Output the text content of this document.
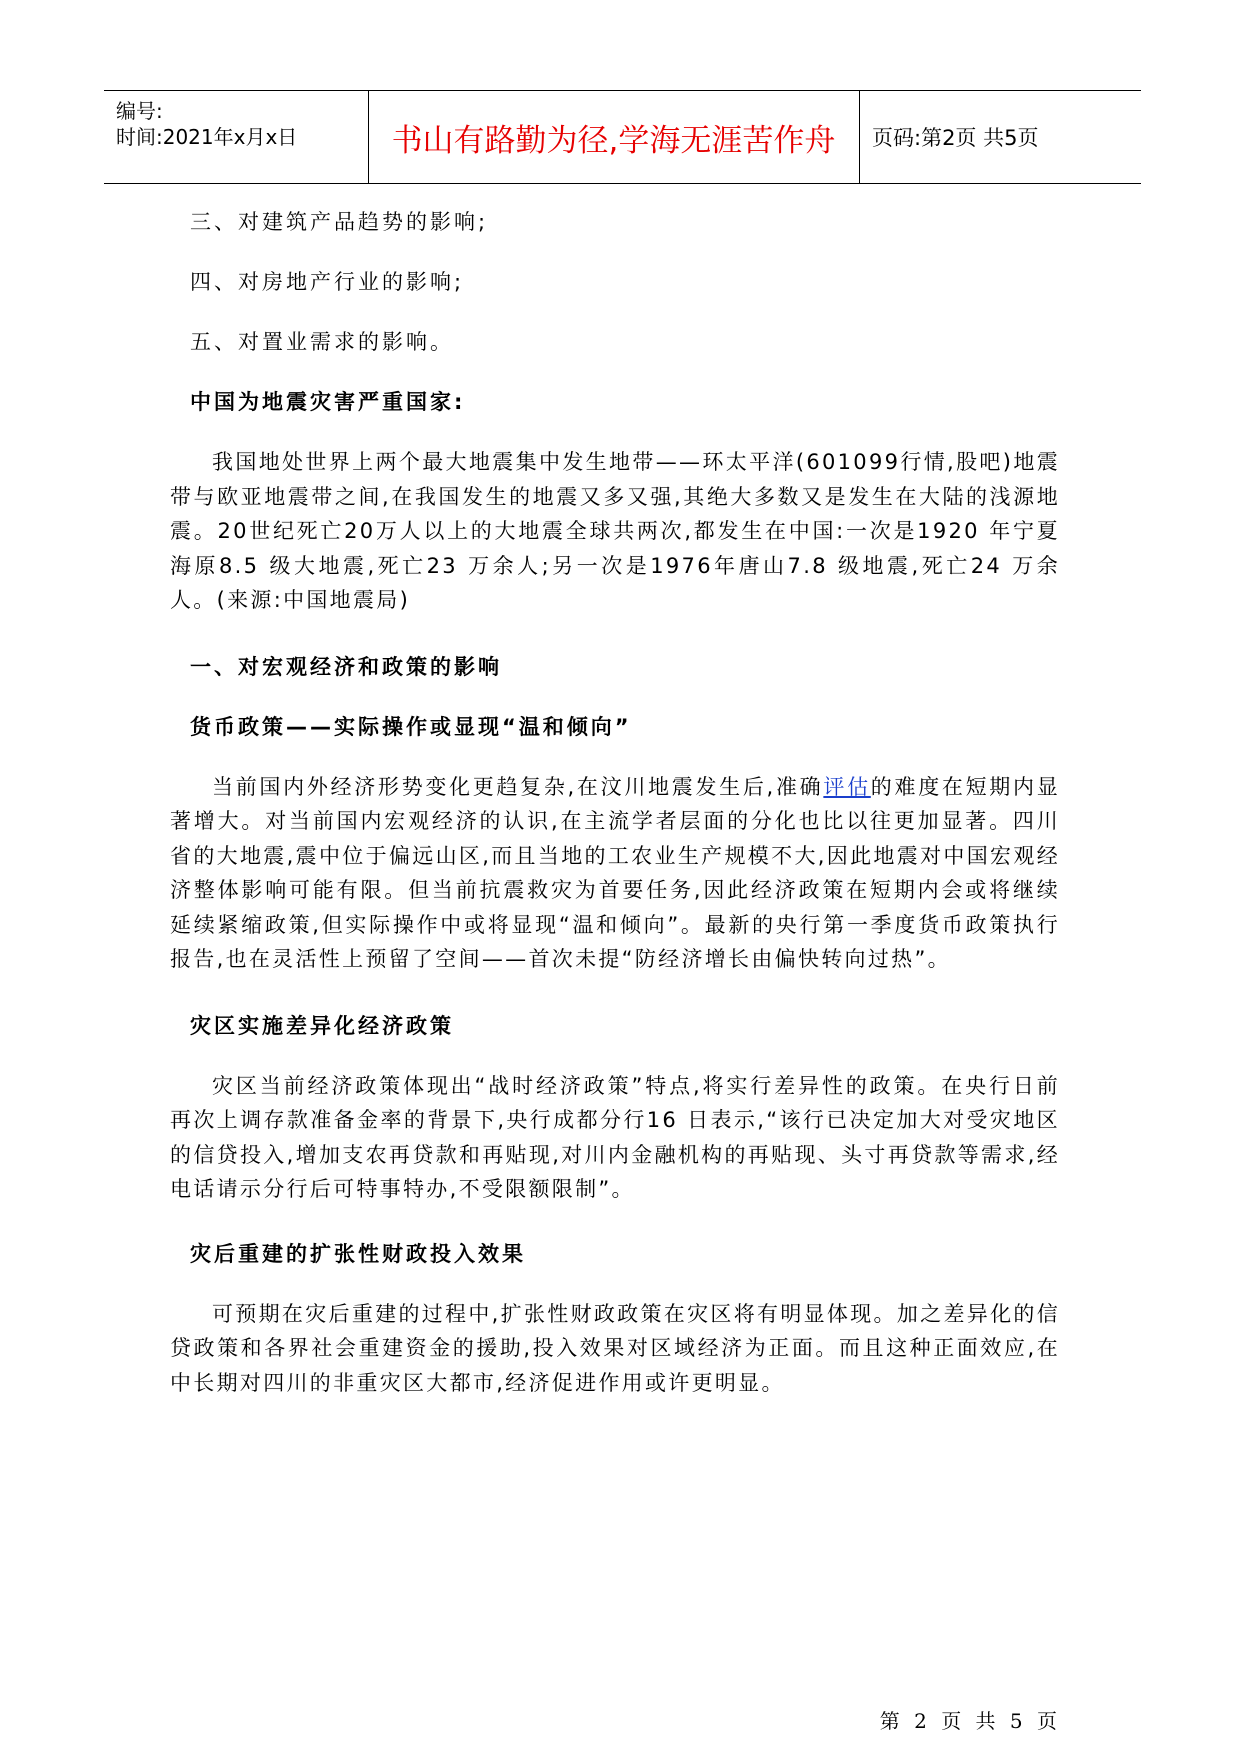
编号:
时间:2021年x月x日	书山有路勤为径,学海无涯苦作舟	页码:第2页 共5页

三、对建筑产品趋势的影响;

四、对房地产行业的影响;

五、对置业需求的影响。

中国为地震灾害严重国家:

我国地处世界上两个最大地震集中发生地带——环太平洋(601099行情,股吧)地震带与欧亚地震带之间,在我国发生的地震又多又强,其绝大多数又是发生在大陆的浅源地震。20世纪死亡20万人以上的大地震全球共两次,都发生在中国:一次是1920 年宁夏海原8.5 级大地震,死亡23 万余人;另一次是1976年唐山7.8 级地震,死亡24 万余人。(来源:中国地震局)

一、对宏观经济和政策的影响

货币政策——实际操作或显现“温和倾向”

当前国内外经济形势变化更趋复杂,在汶川地震发生后,准确评估的难度在短期内显著增大。对当前国内宏观经济的认识,在主流学者层面的分化也比以往更加显著。四川省的大地震,震中位于偏远山区,而且当地的工农业生产规模不大,因此地震对中国宏观经济整体影响可能有限。但当前抗震救灾为首要任务,因此经济政策在短期内会或将继续延续紧缩政策,但实际操作中或将显现“温和倾向”。最新的央行第一季度货币政策执行报告,也在灵活性上预留了空间——首次未提“防经济增长由偏快转向过热”。

灾区实施差异化经济政策

灾区当前经济政策体现出“战时经济政策”特点,将实行差异性的政策。在央行日前再次上调存款准备金率的背景下,央行成都分行16 日表示,“该行已决定加大对受灾地区的信贷投入,增加支农再贷款和再贴现,对川内金融机构的再贴现、头寸再贷款等需求,经电话请示分行后可特事特办,不受限额限制”。

灾后重建的扩张性财政投入效果

可预期在灾后重建的过程中,扩张性财政政策在灾区将有明显体现。加之差异化的信贷政策和各界社会重建资金的援助,投入效果对区域经济为正面。而且这种正面效应,在中长期对四川的非重灾区大都市,经济促进作用或许更明显。

第 2 页 共 5 页
